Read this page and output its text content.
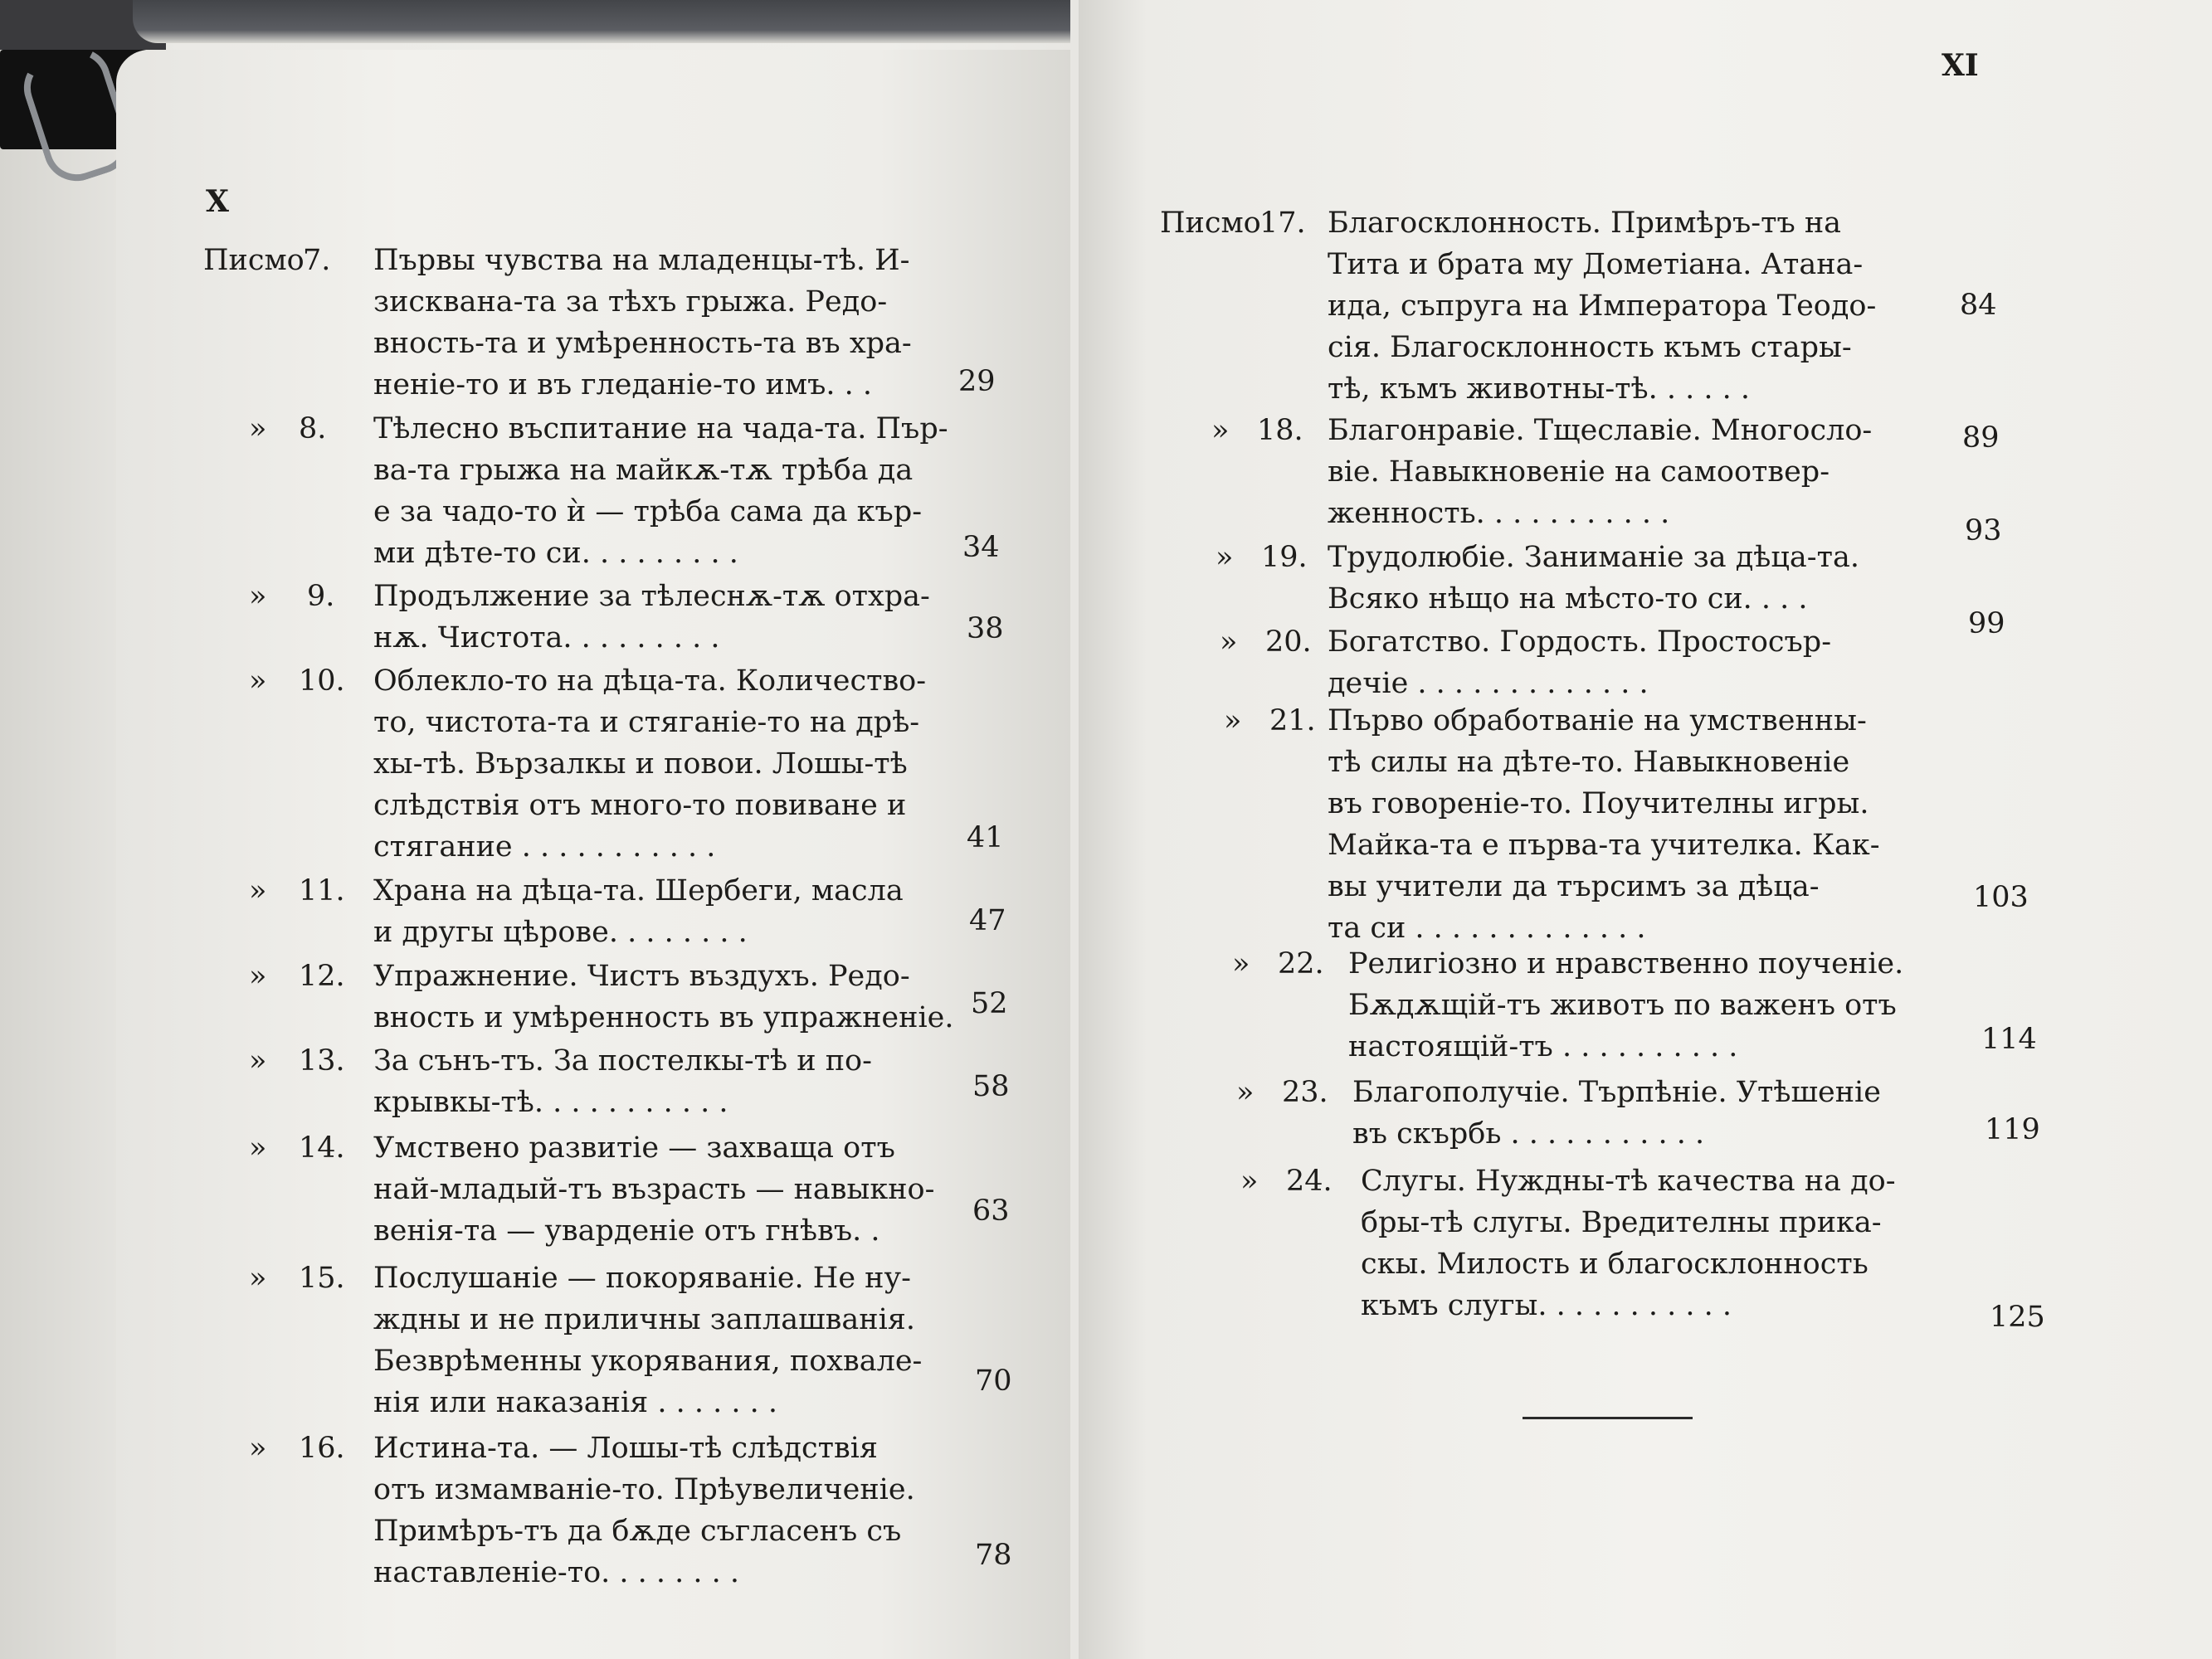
X
XI
Писмо7.	Първы чувства на младенцы-тѣ. И-
зисквана-та за тѣхъ грыжа. Редо-
вность-та и умѣренность-та въ хра-
неніе-то и въ гледаніе-то имъ. . .	29
» 8.	Тѣлесно въспитание на чада-та. Пър-
ва-та грыжа на майкѫ-тѫ трѣба да
е за чадо-то ѝ — трѣба сама да кър-
ми дѣте-то си. . . . . . . . .	34
» 9.	Продължение за тѣлеснѫ-тѫ отхра-
нѫ. Чистота. . . . . . . . .	38
» 10. Облекло-то на дѣца-та. Количество-
то, чистота-та и стяганіе-то на дрѣ-
хы-тѣ. Вързалкы и повои. Лошы-тѣ
слѣдствія отъ много-то повиване и
стягание . . . . . . . . . . .	41
» 11. Храна на дѣца-та. Шербеги, масла
и другы цѣрове. . . . . . . .	47
» 12. Упражнение. Чистъ въздухъ. Редо-
вность и умѣренность въ упражненіе. 52
» 13. За сънъ-тъ. За постелкы-тѣ и по-
крывкы-тѣ. . . . . . . . . . .	58
» 14. Умствено развитіе — захваща отъ
най-младый-тъ възрасть — навыкно-
венія-та — уварденіе отъ гнѣвъ. .
63
» 15. Послушаніе — покоряваніе. Не ну-
ждны и не приличны заплашванія.
Безврѣменны укорявания, похвале-
нія или наказанія . . . . . . .
70
» 16. Истина-та. — Лошы-тѣ слѣдствія
отъ измамваніе-то. Прѣувеличеніе.
Примѣръ-тъ да бѫде съгласенъ съ
наставленіе-то. . . . . . . .
78
Писмо17. Благосклонность. Примѣръ-тъ на
Тита и брата му Дометіана. Атана-
ида, съпруга на Императора Теодо-
сія. Благосклонность къмъ стары-
тѣ, къмъ животны-тѣ. . . . . .
84
» 18. Благонравіе. Тщеславіе. Многосло-
віе. Навыкновеніе на самоотвер-
женность. . . . . . . . . . .
89
» 19. Трудолюбіе. Заниманіе за дѣца-та.
Всяко нѣщо на мѣсто-то си. . . .
93
» 20. Богатство. Гордость. Простосър-
дечіе . . . . . . . . . . . . .
99
» 21. Първо обработваніе на умственны-
тѣ силы на дѣте-то. Навыкновеніе
въ говореніе-то. Поучителны игры.
Майка-та е първа-та учителка. Как-
вы учители да търсимъ за дѣца-
та си . . . . . . . . . . . . .
103
» 22. Религіозно и нравственно поученіе.
Бѫдѫщій-тъ животъ по важенъ отъ
настоящій-тъ . . . . . . . . . .	114
» 23. Благополучіе. Търпѣніе. Утѣшеніе
въ скърбь . . . . . . . . . . .	119
» 24. Слугы. Нуждны-тѣ качества на до-
бры-тѣ слугы. Вредителны прика-
скы. Милость и благосклонность
къмъ слугы. . . . . . . . . . .	125
